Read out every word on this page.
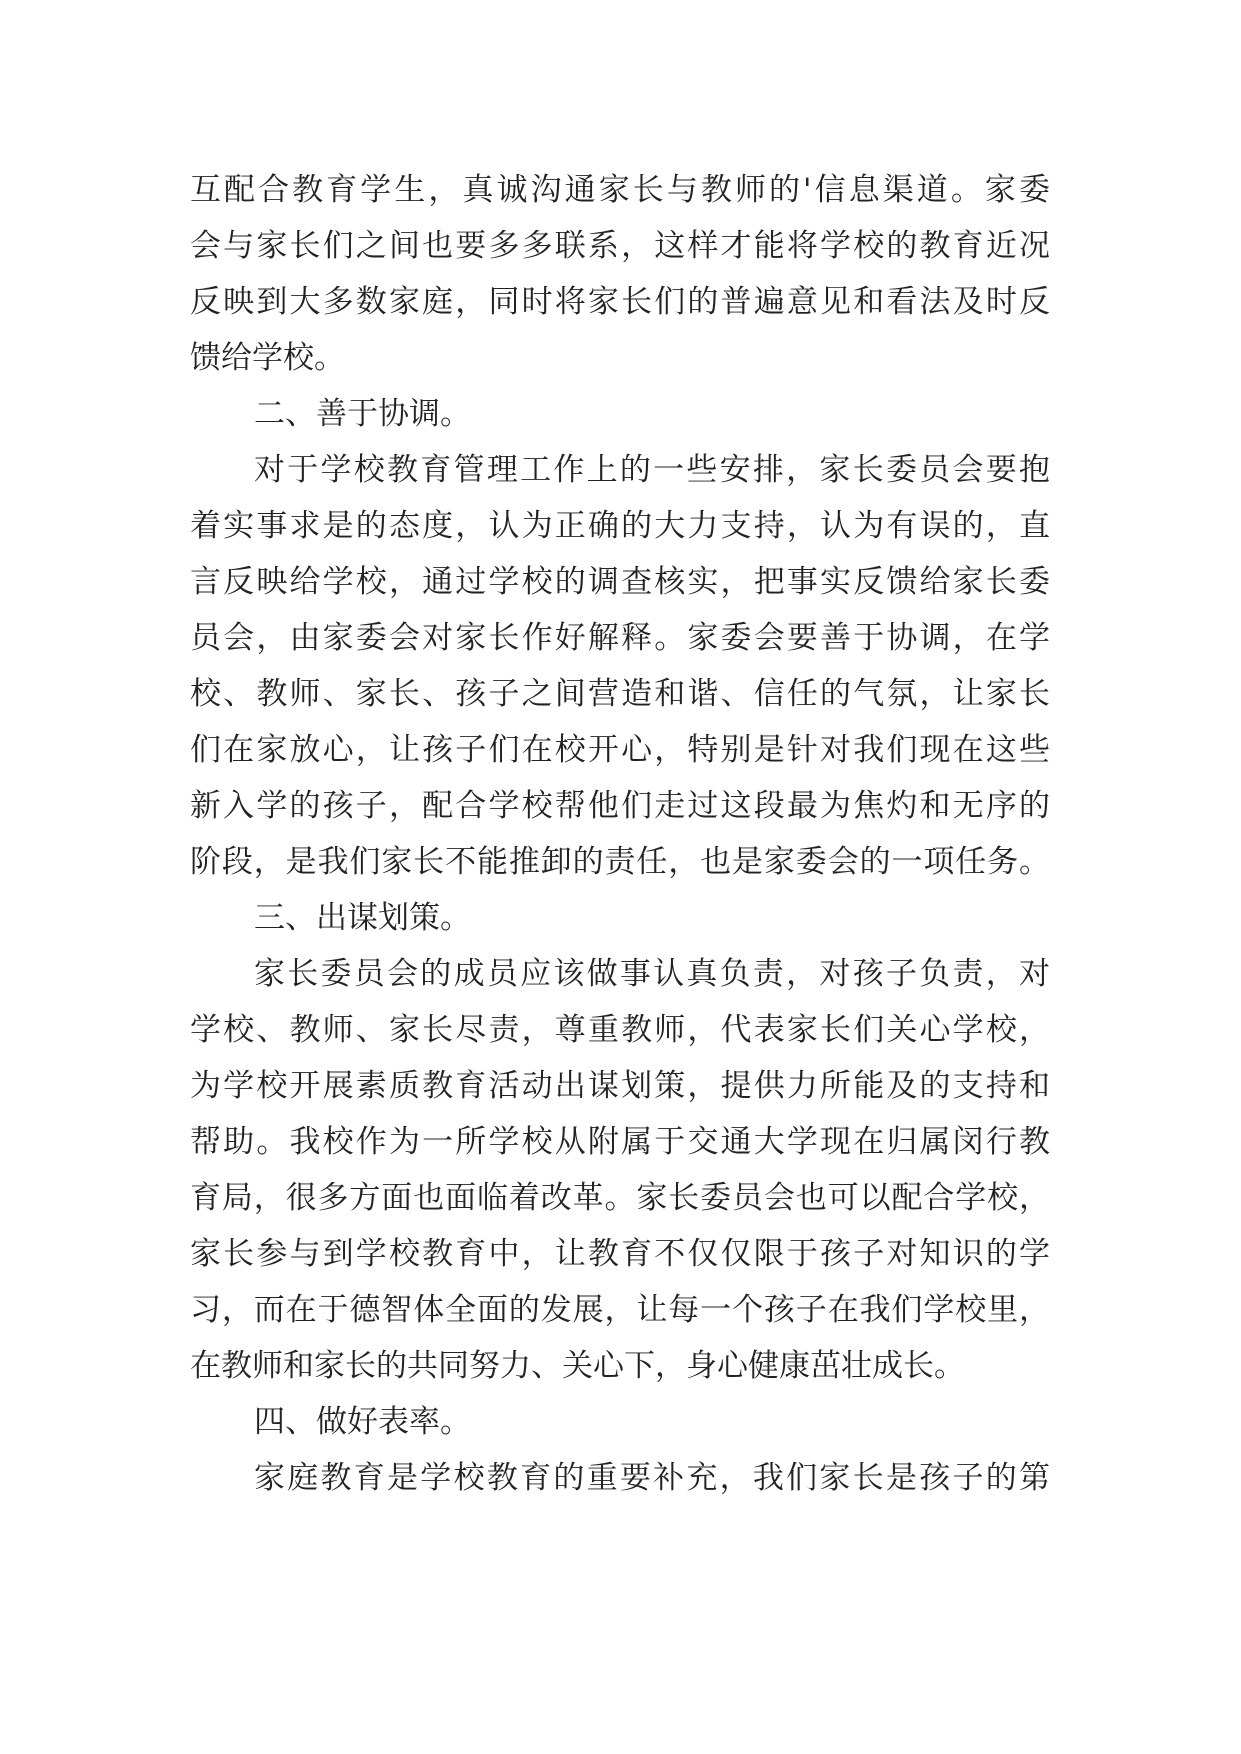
互配合教育学生，真诚沟通家长与教师的'信息渠道。家委
会与家长们之间也要多多联系，这样才能将学校的教育近况
反映到大多数家庭，同时将家长们的普遍意见和看法及时反
馈给学校。
二、善于协调。
对于学校教育管理工作上的一些安排，家长委员会要抱
着实事求是的态度，认为正确的大力支持，认为有误的，直
言反映给学校，通过学校的调查核实，把事实反馈给家长委
员会，由家委会对家长作好解释。家委会要善于协调，在学
校、教师、家长、孩子之间营造和谐、信任的气氛，让家长
们在家放心，让孩子们在校开心，特别是针对我们现在这些
新入学的孩子，配合学校帮他们走过这段最为焦灼和无序的
阶段，是我们家长不能推卸的责任，也是家委会的一项任务。
三、出谋划策。
家长委员会的成员应该做事认真负责，对孩子负责，对
学校、教师、家长尽责，尊重教师，代表家长们关心学校，
为学校开展素质教育活动出谋划策，提供力所能及的支持和
帮助。我校作为一所学校从附属于交通大学现在归属闵行教
育局，很多方面也面临着改革。家长委员会也可以配合学校，
家长参与到学校教育中，让教育不仅仅限于孩子对知识的学
习，而在于德智体全面的发展，让每一个孩子在我们学校里，
在教师和家长的共同努力、关心下，身心健康茁壮成长。
四、做好表率。
家庭教育是学校教育的重要补充，我们家长是孩子的第
